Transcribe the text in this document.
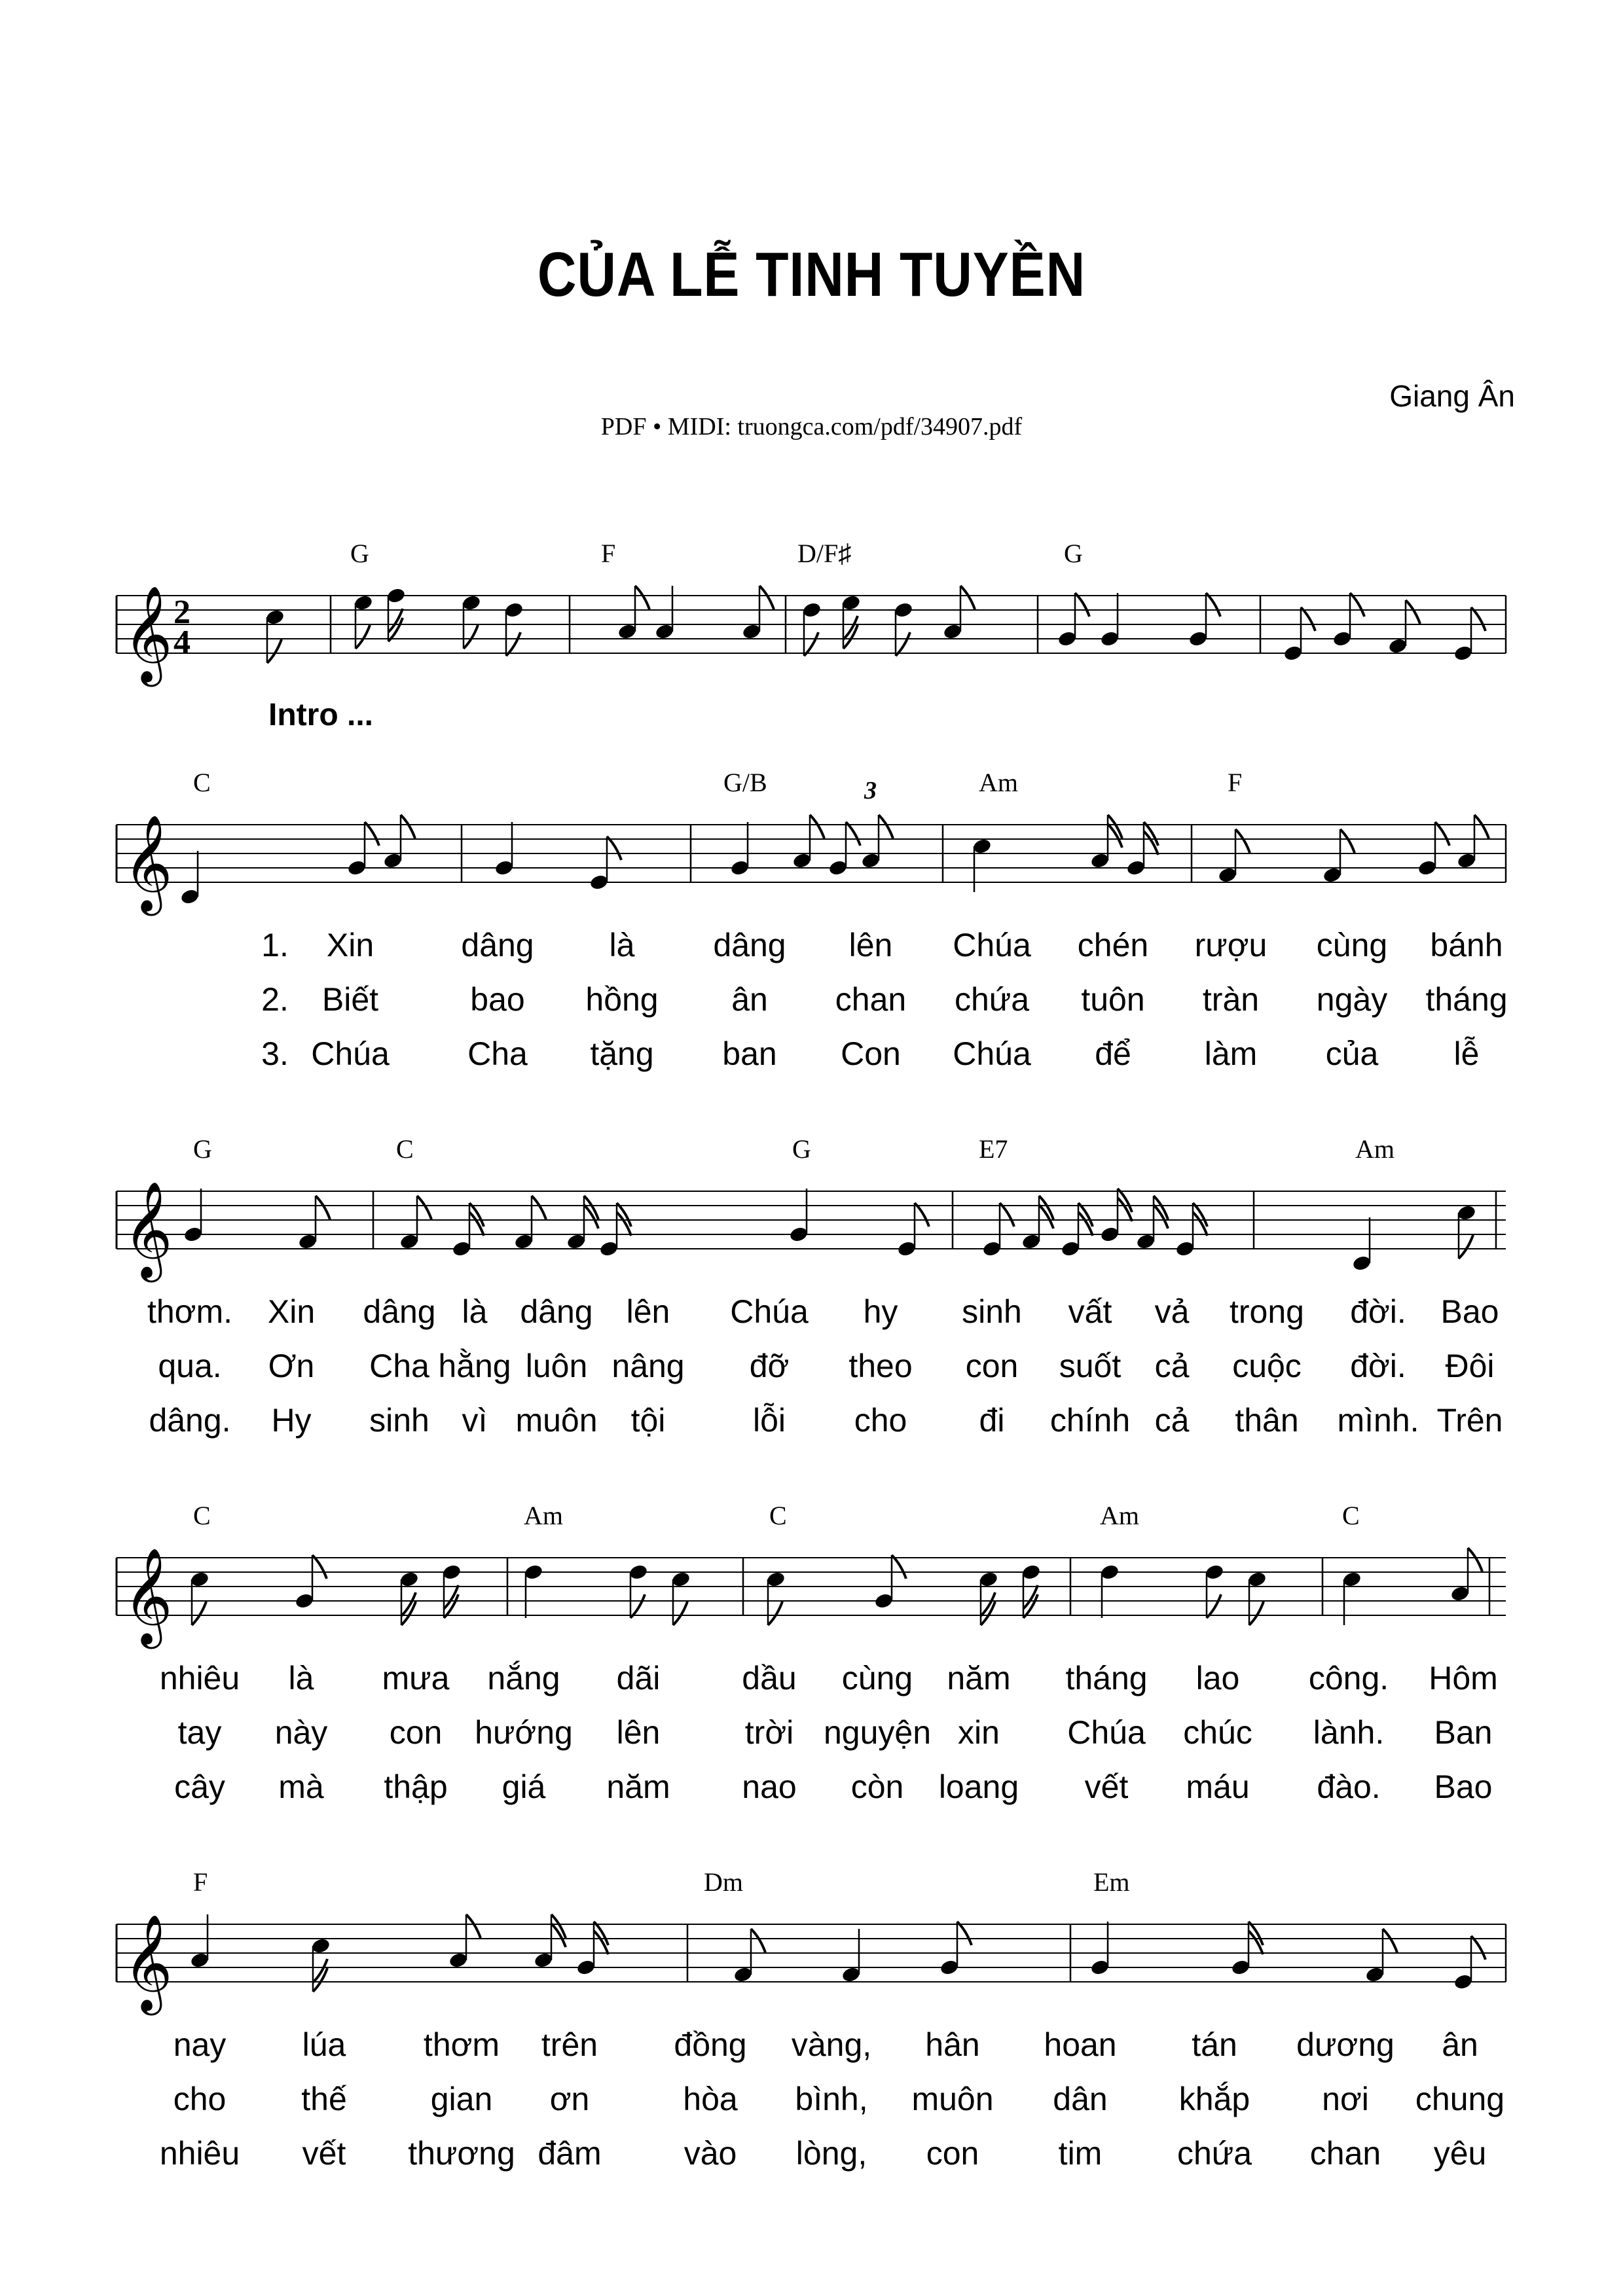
CỦA LỄ TINH TUYỀN
Giang Ân
PDF • MIDI: truongca.com/pdf/34907.pdf
𝄞 2
4
G	F	D/F♯	G
Intro ...
𝄞
3
C	G/B	Am	F
𝄞
G	C	G	E7	Am
𝄞
C	Am	C	Am	C
𝄞
F	Dm	Em
1. Xin	dâng là dâng lên Chúa chén rượu cùng bánh
2. Biết	bao hồng ân chan chứa tuôn tràn ngày tháng
3. Chúa Cha tặng ban Con Chúa để làm của lễ
thơm. Xin dâng là dâng lên Chúa hy sinh vất vả trong đời. Bao
qua. Ơn Cha hằng luôn nâng đỡ theo con suốt cả cuộc đời. Đôi
dâng. Hy sinh vì muôn tội	lỗi cho đi chính cả thân mình. Trên
nhiêu là mưa nắng dãi dầu cùng năm tháng lao công. Hôm
tay này con hướng lên	trời nguyện xin Chúa chúc lành. Ban
cây mà thập giá năm nao còn loang vết máu đào. Bao
nay lúa thơm trên đồng vàng, hân hoan tán dương ân
cho thế	gian ơn	hòa bình, muôn dân khắp nơi chung
nhiêu vết thương đâm	vào lòng, con tim chứa chan yêu
